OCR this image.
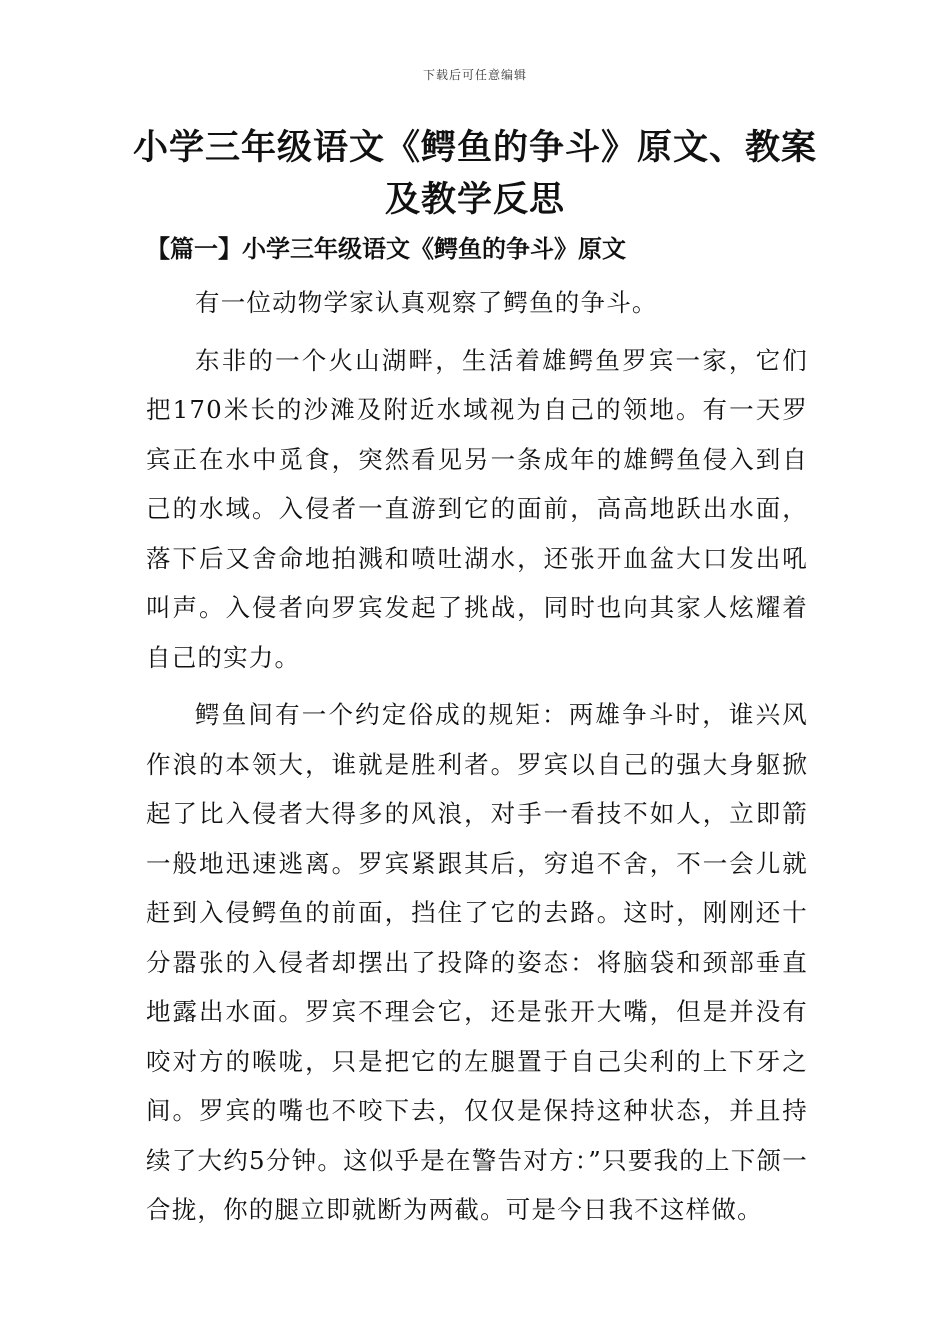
下载后可任意编辑
小学三年级语文《鳄鱼的争斗》原文、教案及教学反思
【篇一】小学三年级语文《鳄鱼的争斗》原文

有一位动物学家认真观察了鳄鱼的争斗。

东非的一个火山湖畔，生活着雄鳄鱼罗宾一家，它们把170米长的沙滩及附近水域视为自己的领地。有一天罗宾正在水中觅食，突然看见另一条成年的雄鳄鱼侵入到自己的水域。入侵者一直游到它的面前，高高地跃出水面，落下后又舍命地拍溅和喷吐湖水，还张开血盆大口发出吼叫声。入侵者向罗宾发起了挑战，同时也向其家人炫耀着自己的实力。

鳄鱼间有一个约定俗成的规矩：两雄争斗时，谁兴风作浪的本领大，谁就是胜利者。罗宾以自己的强大身躯掀起了比入侵者大得多的风浪，对手一看技不如人，立即箭一般地迅速逃离。罗宾紧跟其后，穷追不舍，不一会儿就赶到入侵鳄鱼的前面，挡住了它的去路。这时，刚刚还十分嚣张的入侵者却摆出了投降的姿态：将脑袋和颈部垂直地露出水面。罗宾不理会它，还是张开大嘴，但是并没有咬对方的喉咙，只是把它的左腿置于自己尖利的上下牙之间。罗宾的嘴也不咬下去，仅仅是保持这种状态，并且持续了大约5分钟。这似乎是在警告对方：”只要我的上下颌一合拢，你的腿立即就断为两截。可是今日我不这样做。
